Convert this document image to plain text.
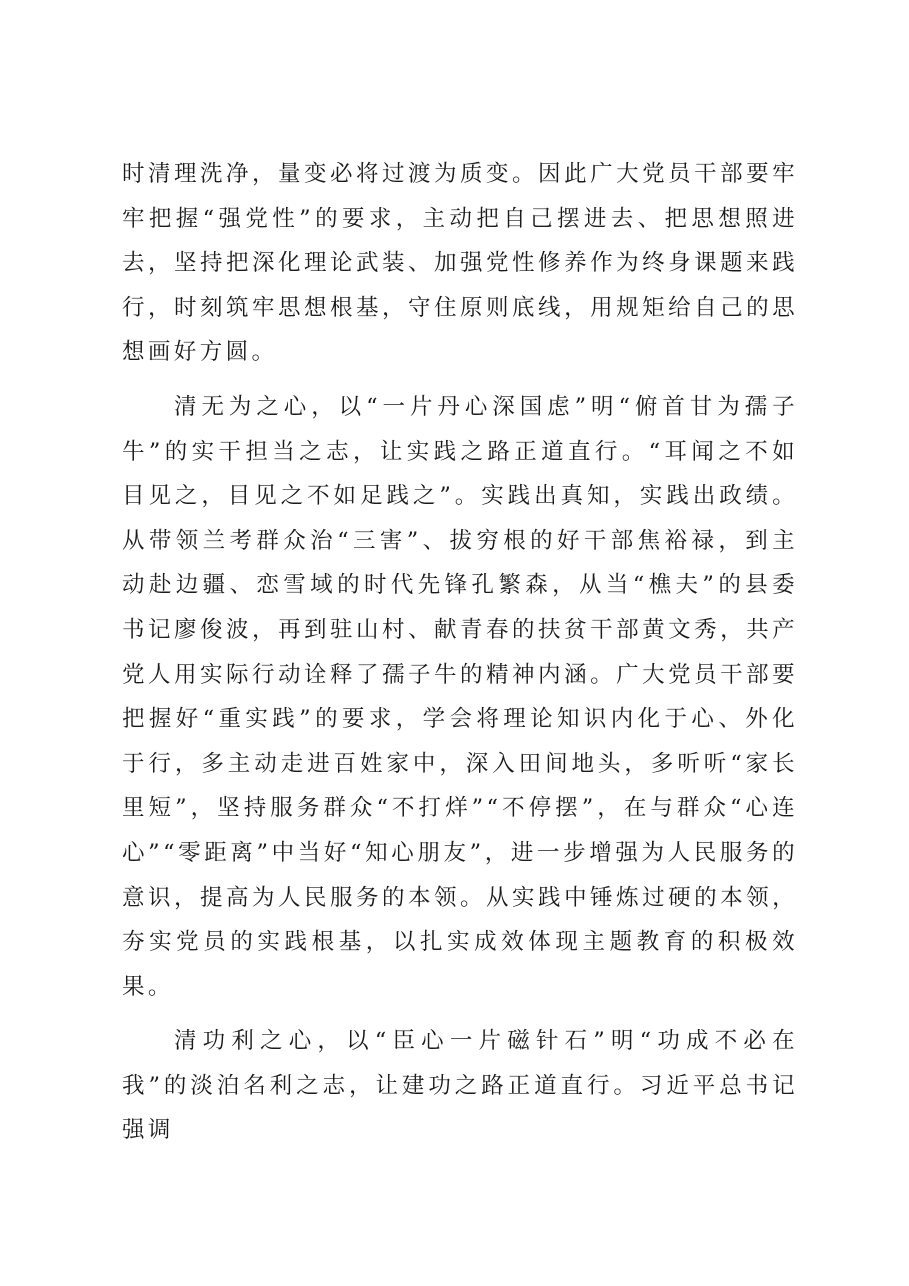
时清理洗净，量变必将过渡为质变。因此广大党员干部要牢牢把握“强党性”的要求，主动把自己摆进去、把思想照进去，坚持把深化理论武装、加强党性修养作为终身课题来践行，时刻筑牢思想根基，守住原则底线，用规矩给自己的思想画好方圆。

清无为之心，以“一片丹心深国虑”明“俯首甘为孺子牛”的实干担当之志，让实践之路正道直行。“耳闻之不如目见之，目见之不如足践之”。实践出真知，实践出政绩。从带领兰考群众治“三害”、拔穷根的好干部焦裕禄，到主动赴边疆、恋雪域的时代先锋孔繁森，从当“樵夫”的县委书记廖俊波，再到驻山村、献青春的扶贫干部黄文秀，共产党人用实际行动诠释了孺子牛的精神内涵。广大党员干部要把握好“重实践”的要求，学会将理论知识内化于心、外化于行，多主动走进百姓家中，深入田间地头，多听听“家长里短”，坚持服务群众“不打烊”“不停摆”，在与群众“心连心”“零距离”中当好“知心朋友”，进一步增强为人民服务的意识，提高为人民服务的本领。从实践中锤炼过硬的本领，夯实党员的实践根基，以扎实成效体现主题教育的积极效果。

清功利之心，以“臣心一片磁针石”明“功成不必在我”的淡泊名利之志，让建功之路正道直行。习近平总书记强调
